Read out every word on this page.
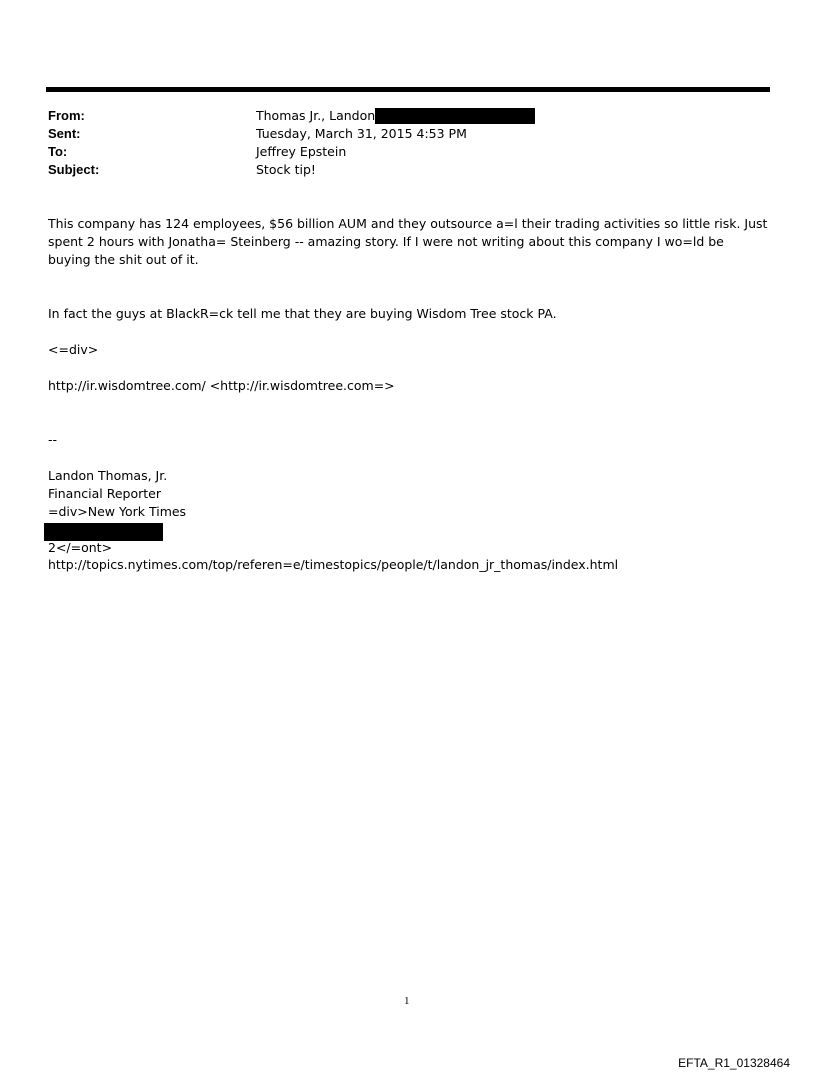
From:	Thomas Jr., Landon
Sent:	Tuesday, March 31, 2015 4:53 PM
To:	Jeffrey Epstein
Subject:	Stock tip!
This company has 124 employees, $56 billion AUM and they outsource a=l their trading activities so little risk. Just spent 2 hours with Jonatha= Steinberg -- amazing story. If I were not writing about this company I wo=ld be buying the shit out of it.
In fact the guys at BlackR=ck tell me that they are buying Wisdom Tree stock PA.
<=div>
http://ir.wisdomtree.com/ <http://ir.wisdomtree.com=>
--
Landon Thomas, Jr.
Financial Reporter
=div>New York Times
2</=ont>
http://topics.nytimes.com/top/referen=e/timestopics/people/t/landon_jr_thomas/index.html
1
EFTA_R1_01328464
